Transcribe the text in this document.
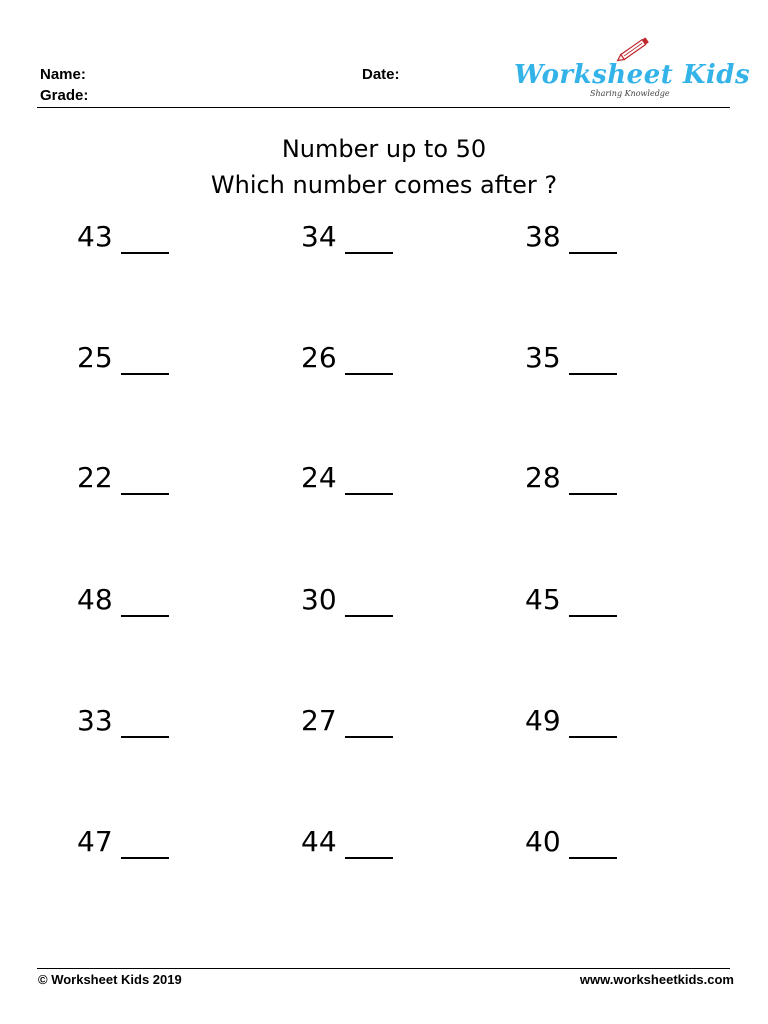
Name:
Grade:
Date:	Worksheet Kids
Sharing Knowledge
Number up to 50
Which number comes after ?
43	34	38
25	26	35
22	24	28
48	30	45
33	27	49
47	44	40
© Worksheet Kids 2019	www.worksheetkids.com
